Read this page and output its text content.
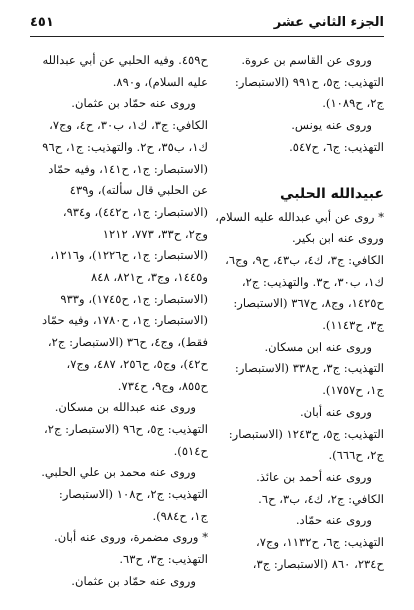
الجزء الثاني عشر
٤٥١
وروى عن القاسم بن عروة.
التهذيب: ج٥، ح٩٩١ (الاستبصار:
ج٢، ح١٠٨٩).
وروى عنه يونس.
التهذيب: ج٦، ح٥٤٧.
عبيدالله الحلبي
* روى عن أبي عبدالله عليه السلام،
وروى عنه ابن بكير.
الكافي: ج٣، ك٤، ب٤٣، ح٩، وج٦،
ك١، ب٣٠، ح٣. والتهذيب: ج٢،
ح١٤٢٥، وج٨، ح٣٦٧ (الاستبصار:
ج٣، ح١١٤٣).
وروى عنه ابن مسكان.
التهذيب: ج٣، ح٣٣٨ (الاستبصار:
ج١، ح١٧٥٧).
وروى عنه أبان.
التهذيب: ج٥، ح١٢٤٣ (الاستبصار:
ج٢، ح٦٦٦).
وروى عنه أحمد بن عائذ.
الكافي: ج٢، ك٤، ب٣، ح٦.
وروى عنه حمّاد.
التهذيب: ج٦، ح١١٣٢، وج٧،
ح٢٣٤، ٨٦٠ (الاستبصار: ج٣،
ح٤٥٩. وفيه الحلبي عن أبي عبدالله
عليه السلام)، و٨٩٠.
وروى عنه حمّاد بن عثمان.
الكافي: ج٣، ك١، ب٣٠، ح٤، وج٧،
ك١، ب٣٥، ح٢. والتهذيب: ج١، ح٩٦
(الاستبصار: ج١، ح١٤١، وفيه حمّاد
عن الحلبي قال سألته)، و٤٣٩
(الاستبصار: ج١، ح٤٤٢)، و٩٣٤،
وج٢، ح٣٣، ٧٧٣، ١٢١٢
(الاستبصار: ج١، ح١٢٢٦)، و١٢١٦،
و١٤٤٥، وج٣، ح٨٢١، ٨٤٨
(الاستبصار: ج١، ح١٧٤٥)، و٩٣٣
(الاستبصار: ج١، ح١٧٨٠، وفيه حمّاد
فقط)، وج٤، ح٣٦ (الاستبصار: ج٢،
ح٤٢)، وج٥، ح٢٥٦، ٤٨٧، وج٧،
ح٨٥٥، وج٩، ح٧٣٤.
وروى عنه عبدالله بن مسكان.
التهذيب: ج٥، ح٩٦ (الاستبصار: ج٢،
ح٥١٤).
وروى عنه محمد بن علي الحلبي.
التهذيب: ج٢، ح١٠٨ (الاستبصار:
ج١، ح٩٨٤).
* وروى مضمرة، وروى عنه أبان.
التهذيب: ج٣، ح٦٣.
وروى عنه حمّاد بن عثمان.
